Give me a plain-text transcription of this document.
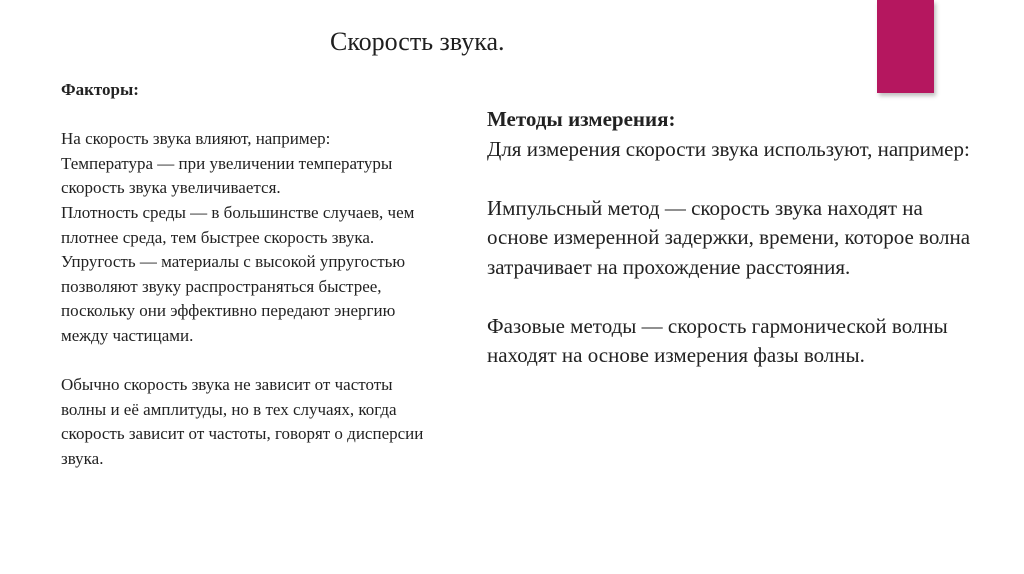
Скорость звука.

Факторы:

На скорость звука влияют, например:

Температура — при увеличении температуры скорость звука увеличивается.

Плотность среды — в большинстве случаев, чем плотнее среда, тем быстрее скорость звука.

Упругость — материалы с высокой упругостью позволяют звуку распространяться быстрее, поскольку они эффективно передают энергию между частицами.

Обычно скорость звука не зависит от частоты волны и её амплитуды, но в тех случаях, когда скорость зависит от частоты, говорят о дисперсии звука.

Методы измерения:

Для измерения скорости звука используют, например:

Импульсный метод — скорость звука находят на основе измеренной задержки, времени, которое волна затрачивает на прохождение расстояния.

Фазовые методы — скорость гармонической волны находят на основе измерения фазы волны.
